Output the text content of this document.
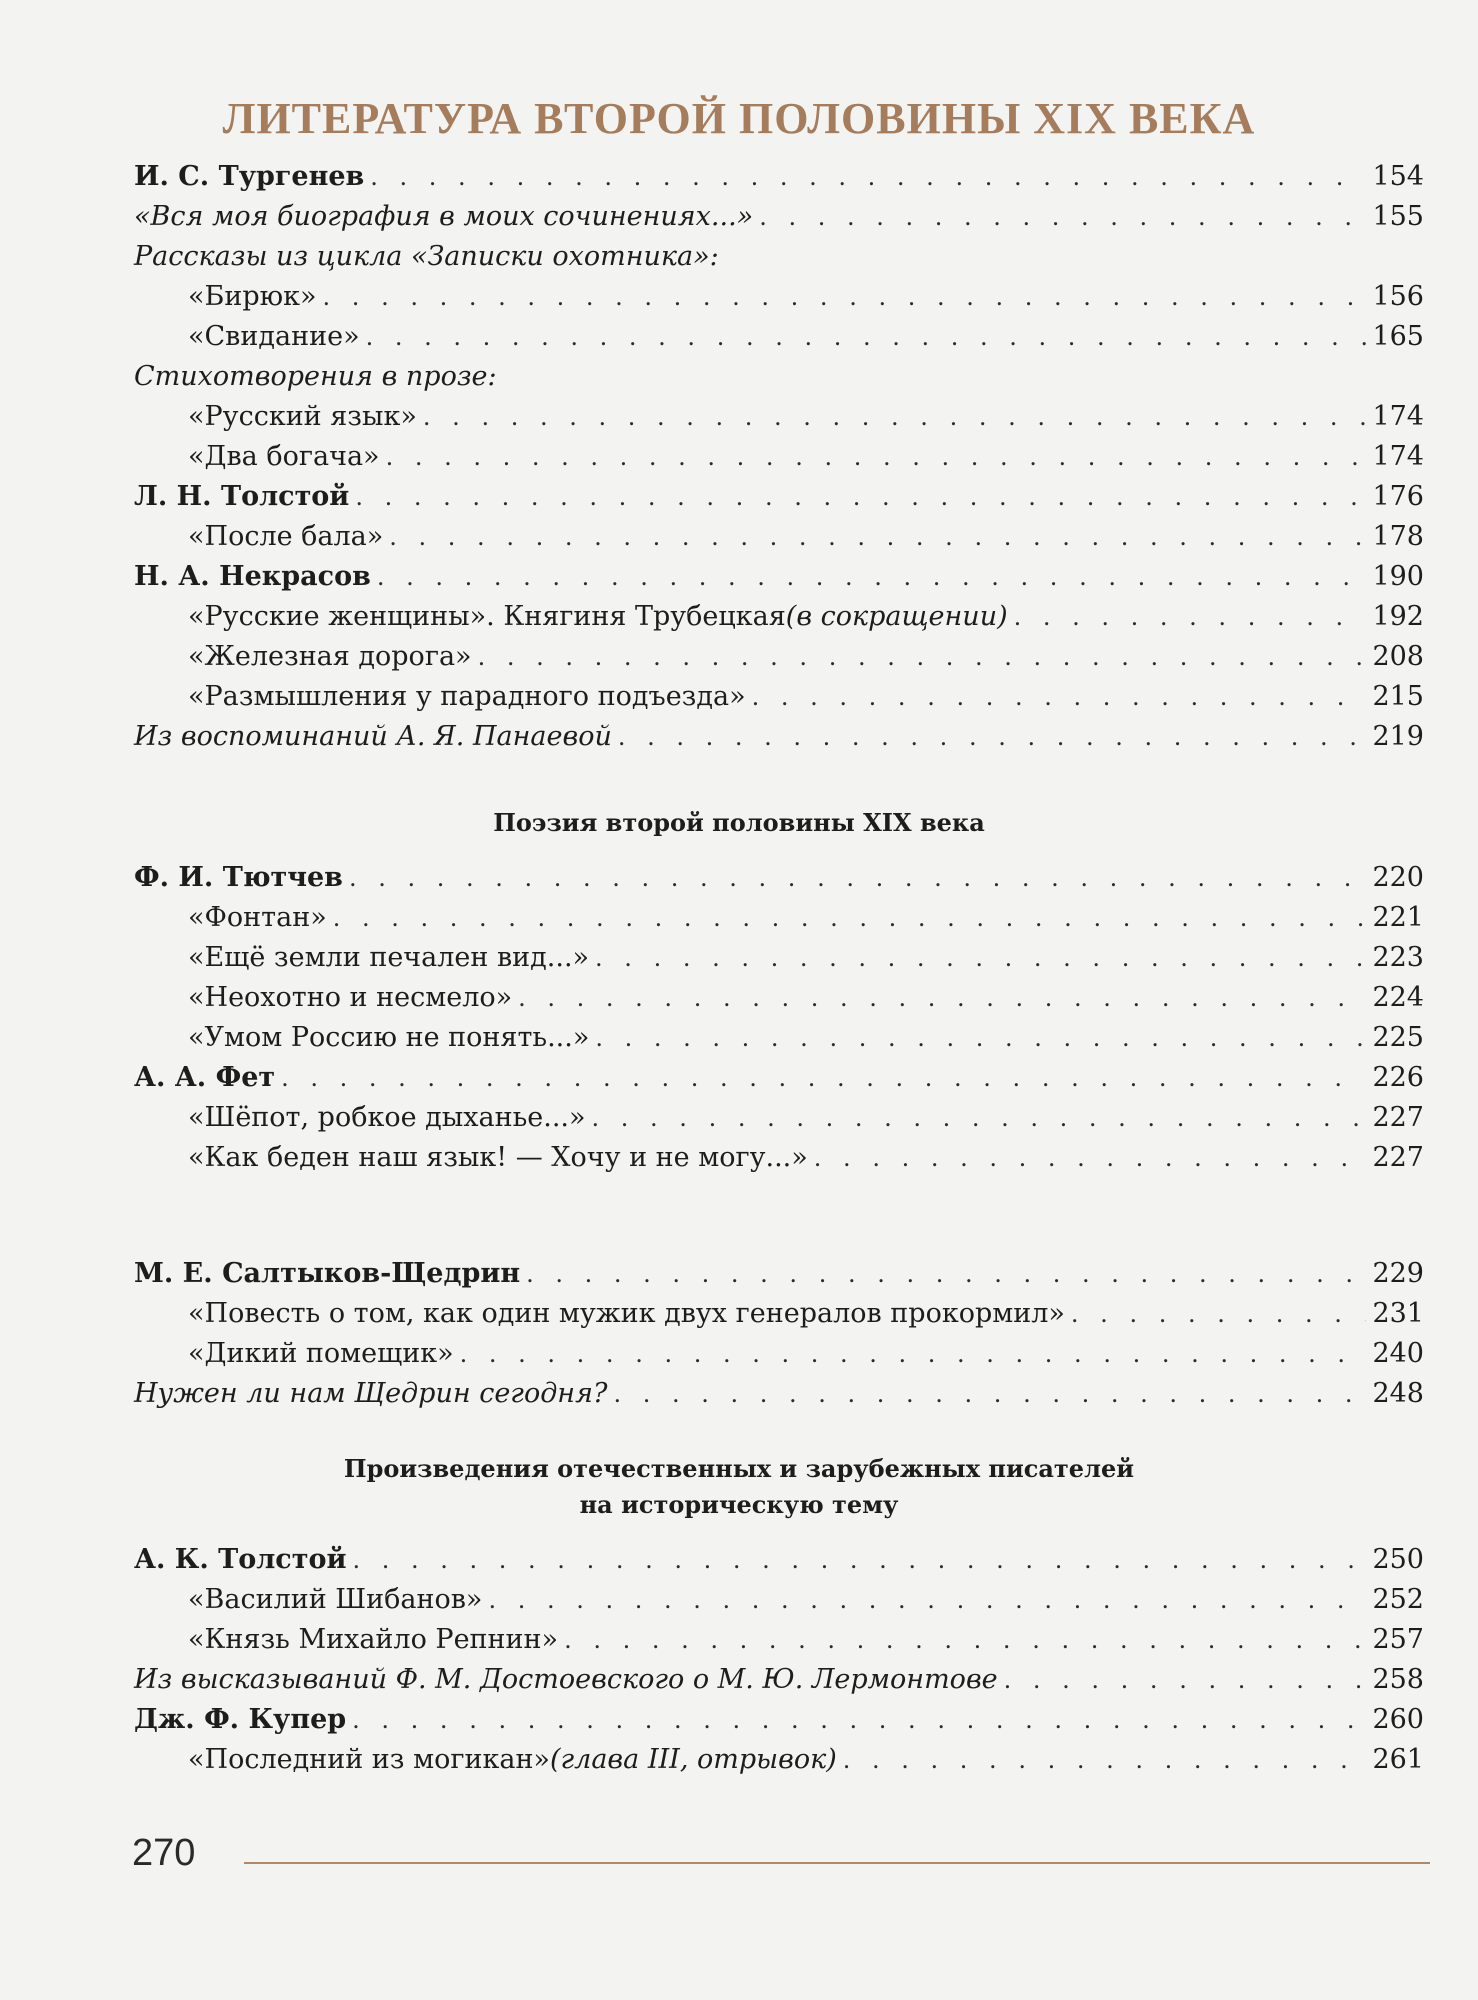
ЛИТЕРАТУРА ВТОРОЙ ПОЛОВИНЫ XIX ВЕКА
И. С. Тургенев . . .	154
«Вся моя биография в моих сочинениях...» . . .	155
Рассказы из цикла «Записки охотника»:
«Бирюк» . . .	156
«Свидание» . . .	165
Стихотворения в прозе:
«Русский язык» . . .	174
«Два богача» . . .	174
Л. Н. Толстой . . .	176
«После бала» . . .	178
Н. А. Некрасов . . .	190
«Русские женщины». Княгиня Трубецкая (в сокращении) . . .	192
«Железная дорога» . . .	208
«Размышления у парадного подъезда» . . .	215
Из воспоминаний А. Я. Панаевой . . .	219
Поэзия второй половины XIX века
Ф. И. Тютчев . . .	220
«Фонтан» . . .	221
«Ещё земли печален вид...» . . .	223
«Неохотно и несмело» . . .	224
«Умом Россию не понять...» . . .	225
А. А. Фет . . .	226
«Шёпот, робкое дыханье...» . . .	227
«Как беден наш язык! — Хочу и не могу...» . . .	227
М. Е. Салтыков-Щедрин . . .	229
«Повесть о том, как один мужик двух генералов прокормил» . . .	231
«Дикий помещик» . . .	240
Нужен ли нам Щедрин сегодня? . . .	248
Произведения отечественных и зарубежных писателей
на историческую тему
А. К. Толстой . . .	250
«Василий Шибанов» . . .	252
«Князь Михайло Репнин» . . .	257
Из высказываний Ф. М. Достоевского о М. Ю. Лермонтове . . .	258
Дж. Ф. Купер . . .	260
«Последний из могикан» (глава III, отрывок) . . .	261
270
